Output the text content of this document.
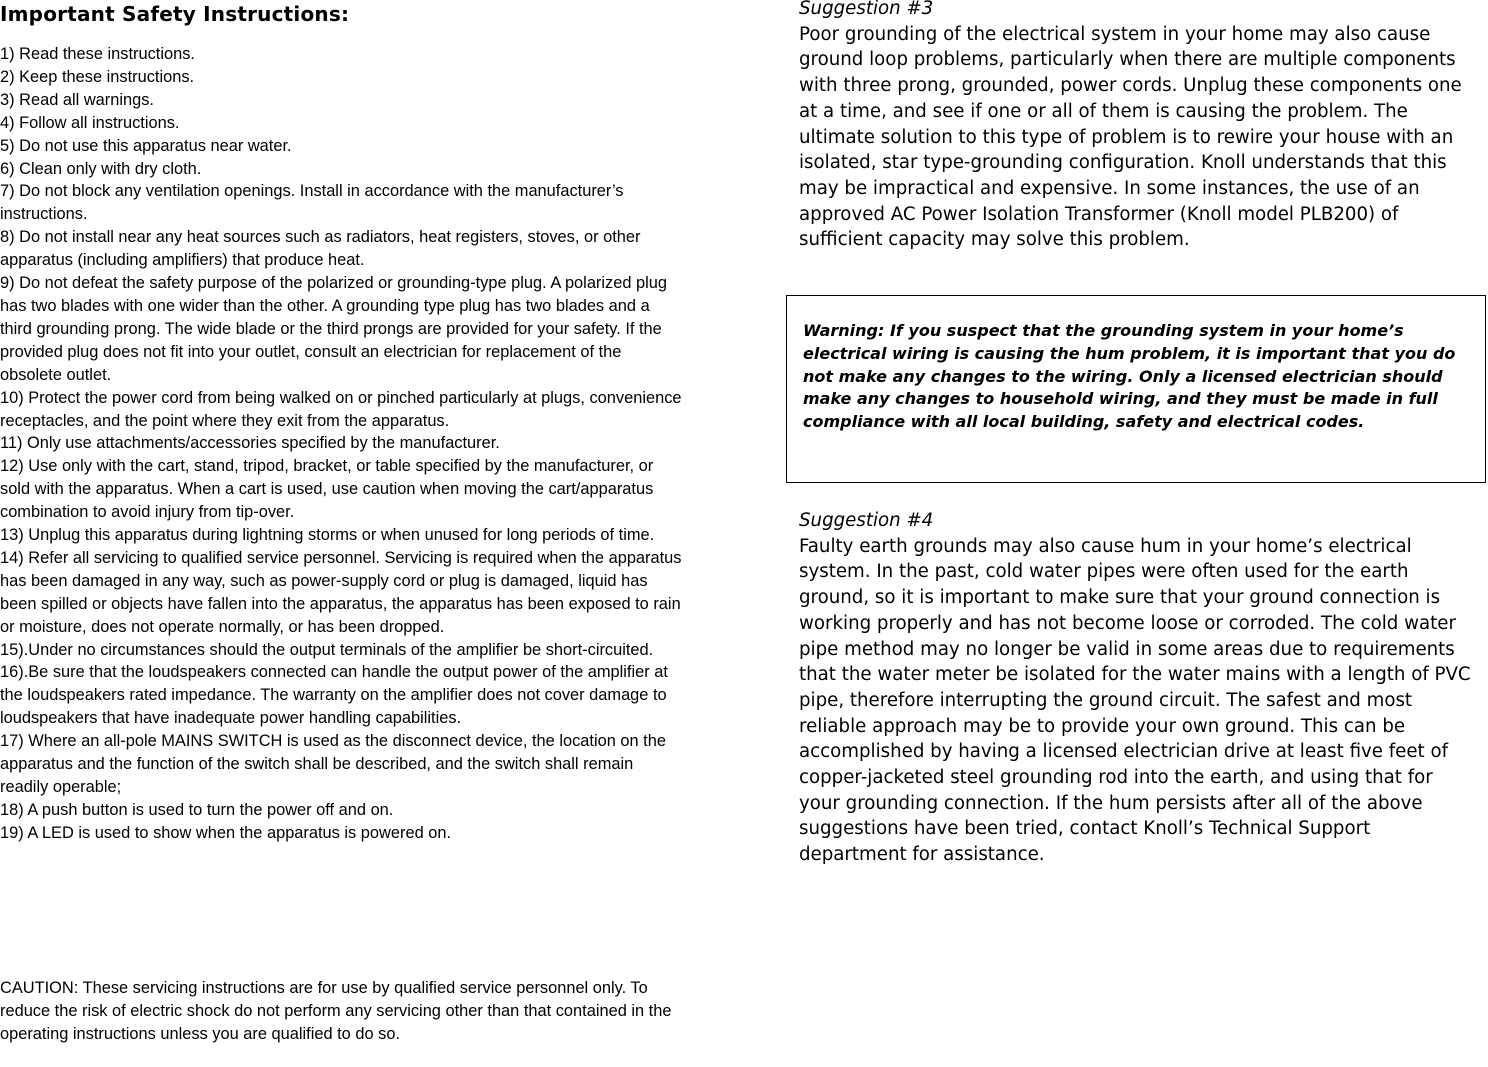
Important Safety Instructions:

1) Read these instructions.

2) Keep these instructions.

3) Read all warnings.

4) Follow all instructions.

5) Do not use this apparatus near water.

6) Clean only with dry cloth.

7) Do not block any ventilation openings. Install in accordance with the manufacturer’s instructions.

8) Do not install near any heat sources such as radiators, heat registers, stoves, or other apparatus (including amplifiers) that produce heat.

9) Do not defeat the safety purpose of the polarized or grounding-type plug. A polarized plug has two blades with one wider than the other. A grounding type plug has two blades and a third grounding prong. The wide blade or the third prongs are provided for your safety. If the provided plug does not fit into your outlet, consult an electrician for replacement of the obsolete outlet.

10) Protect the power cord from being walked on or pinched particularly at plugs, convenience receptacles, and the point where they exit from the apparatus.

11) Only use attachments/accessories specified by the manufacturer.

12) Use only with the cart, stand, tripod, bracket, or table specified by the manufacturer, or sold with the apparatus. When a cart is used, use caution when moving the cart/apparatus combination to avoid injury from tip-over.

13) Unplug this apparatus during lightning storms or when unused for long periods of time.

14) Refer all servicing to qualified service personnel. Servicing is required when the apparatus has been damaged in any way, such as power-supply cord or plug is damaged, liquid has been spilled or objects have fallen into the apparatus, the apparatus has been exposed to rain or moisture, does not operate normally, or has been dropped.

15).Under no circumstances should the output terminals of the amplifier be short-circuited.

16).Be sure that the loudspeakers connected can handle the output power of the amplifier at the loudspeakers rated impedance. The warranty on the amplifier does not cover damage to loudspeakers that have inadequate power handling capabilities.

17) Where an all-pole MAINS SWITCH is used as the disconnect device, the location on the apparatus and the function of the switch shall be described, and the switch shall remain readily operable;

18) A push button is used to turn the power off and on.

19) A LED is used to show when the apparatus is powered on.

CAUTION: These servicing instructions are for use by qualified service personnel only. To reduce the risk of electric shock do not perform any servicing other than that contained in the operating instructions unless you are qualified to do so.
Suggestion #3
Poor grounding of the electrical system in your home may also cause ground loop problems, particularly when there are multiple components with three prong, grounded, power cords. Unplug these components one at a time, and see if one or all of them is causing the problem. The ultimate solution to this type of problem is to rewire your house with an isolated, star type-grounding configuration. Knoll understands that this may be impractical and expensive. In some instances, the use of an approved AC Power Isolation Transformer (Knoll model PLB200) of sufficient capacity may solve this problem.
Warning: If you suspect that the grounding system in your home’s electrical wiring is causing the hum problem, it is important that you do not make any changes to the wiring. Only a licensed electrician should make any changes to household wiring, and they must be made in full compliance with all local building, safety and electrical codes.
Suggestion #4
Faulty earth grounds may also cause hum in your home’s electrical system. In the past, cold water pipes were often used for the earth ground, so it is important to make sure that your ground connection is working properly and has not become loose or corroded. The cold water pipe method may no longer be valid in some areas due to requirements that the water meter be isolated for the water mains with a length of PVC pipe, therefore interrupting the ground circuit. The safest and most reliable approach may be to provide your own ground. This can be accomplished by having a licensed electrician drive at least five feet of copper-jacketed steel grounding rod into the earth, and using that for your grounding connection. If the hum persists after all of the above suggestions have been tried, contact Knoll’s Technical Support department for assistance.
